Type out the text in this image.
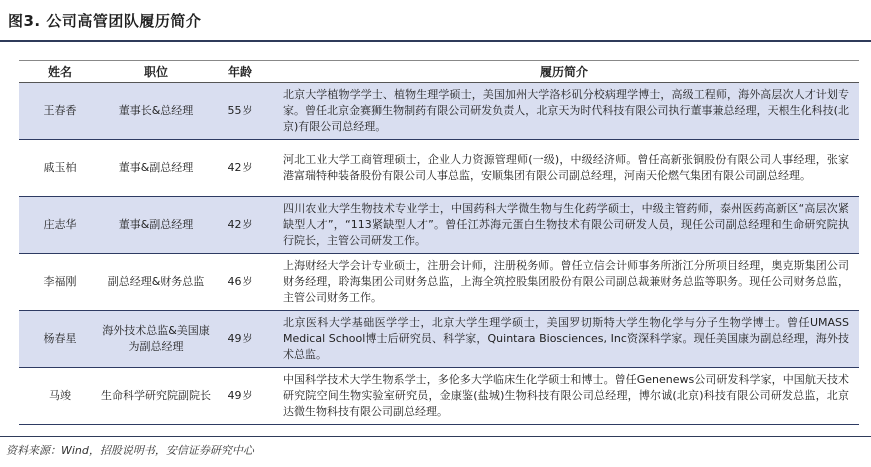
图3. 公司高管团队履历简介
姓名	职位	年龄	履历简介
王春香	董事长&总经理	55岁	北京大学植物学学士、植物生理学硕士，美国加州大学洛杉矶分校病理学博士，高级工程师，海外高层次人才计划专家。曾任北京金赛狮生物制药有限公司研发负责人，北京天为时代科技有限公司执行董事兼总经理，天根生化科技(北京)有限公司总经理。
戚玉柏	董事&副总经理	42岁	河北工业大学工商管理硕士，企业人力资源管理师(一级)，中级经济师。曾任高新张铜股份有限公司人事经理，张家港富瑞特种装备股份有限公司人事总监，安顺集团有限公司副总经理，河南天伦燃气集团有限公司副总经理。
庄志华	董事&副总经理	42岁	四川农业大学生物技术专业学士，中国药科大学微生物与生化药学硕士，中级主管药师，泰州医药高新区“高层次紧缺型人才”，“113紧缺型人才”。曾任江苏海元蛋白生物技术有限公司研发人员，现任公司副总经理和生命研究院执行院长，主管公司研发工作。
李福刚	副总经理&财务总监	46岁	上海财经大学会计专业硕士，注册会计师，注册税务师。曾任立信会计师事务所浙江分所项目经理，奥克斯集团公司财务经理，聆海集团公司财务总监，上海全筑控股集团股份有限公司副总裁兼财务总监等职务。现任公司财务总监，主管公司财务工作。
杨春星	海外技术总监&美国康为副总经理	49岁	北京医科大学基础医学学士，北京大学生理学硕士，美国罗切斯特大学生物化学与分子生物学博士。曾任UMASS Medical School博士后研究员、科学家，Quintara Biosciences, Inc资深科学家。现任美国康为副总经理，海外技术总监。
马竣	生命科学研究院副院长	49岁	中国科学技术大学生物系学士，多伦多大学临床生化学硕士和博士。曾任Genenews公司研发科学家，中国航天技术研究院空间生物实验室研究员，金康鉴(盐城)生物科技有限公司总经理，博尔诚(北京)科技有限公司研发总监，北京达微生物科技有限公司副总经理。
资料来源：Wind，招股说明书，安信证券研究中心
